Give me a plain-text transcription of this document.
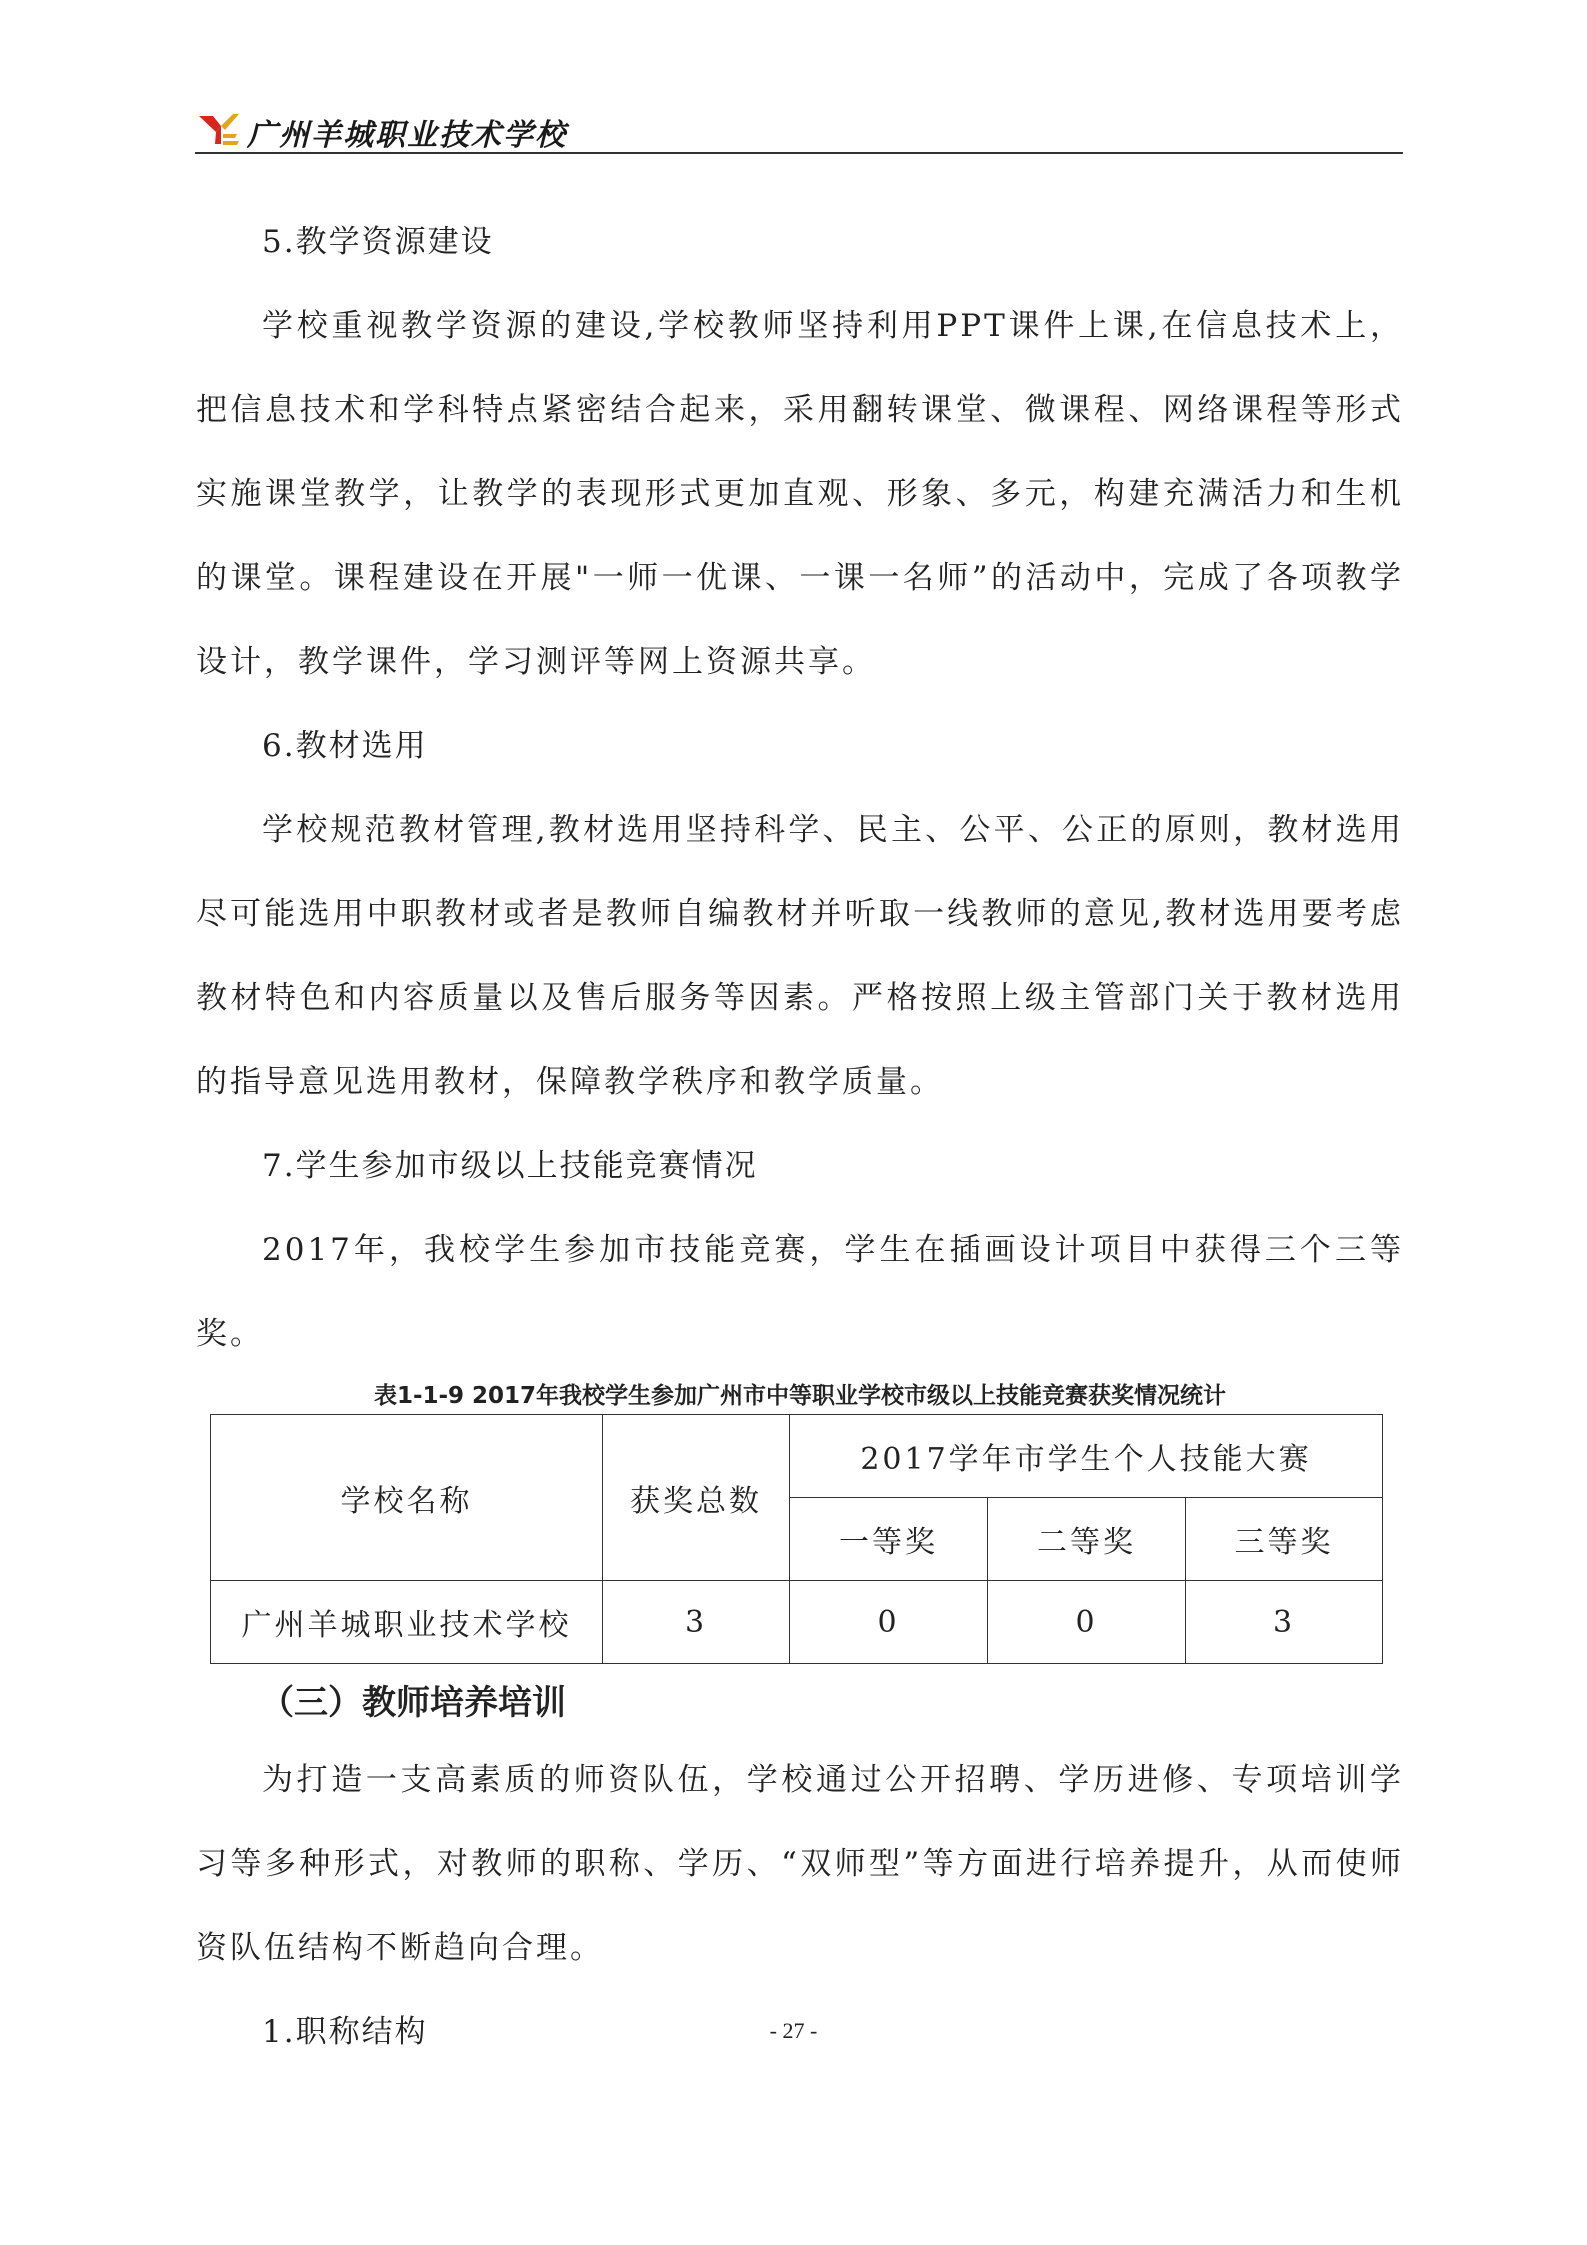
广州羊城职业技术学校
5.教学资源建设
学校重视教学资源的建设,学校教师坚持利用PPT课件上课,在信息技术上，把信息技术和学科特点紧密结合起来，采用翻转课堂、微课程、网络课程等形式实施课堂教学，让教学的表现形式更加直观、形象、多元，构建充满活力和生机的课堂。课程建设在开展"一师一优课、一课一名师”的活动中，完成了各项教学设计，教学课件，学习测评等网上资源共享。
6.教材选用
学校规范教材管理,教材选用坚持科学、民主、公平、公正的原则，教材选用尽可能选用中职教材或者是教师自编教材并听取一线教师的意见,教材选用要考虑教材特色和内容质量以及售后服务等因素。严格按照上级主管部门关于教材选用的指导意见选用教材，保障教学秩序和教学质量。
7.学生参加市级以上技能竞赛情况
2017年，我校学生参加市技能竞赛，学生在插画设计项目中获得三个三等奖。
表1-1-9 2017年我校学生参加广州市中等职业学校市级以上技能竞赛获奖情况统计
学校名称	获奖总数	2017学年市学生个人技能大赛		
		一等奖	二等奖	三等奖
广州羊城职业技术学校	3	0	0	3
（三）教师培养培训
为打造一支高素质的师资队伍，学校通过公开招聘、学历进修、专项培训学习等多种形式，对教师的职称、学历、“双师型”等方面进行培养提升，从而使师资队伍结构不断趋向合理。
1.职称结构	- 27 -
